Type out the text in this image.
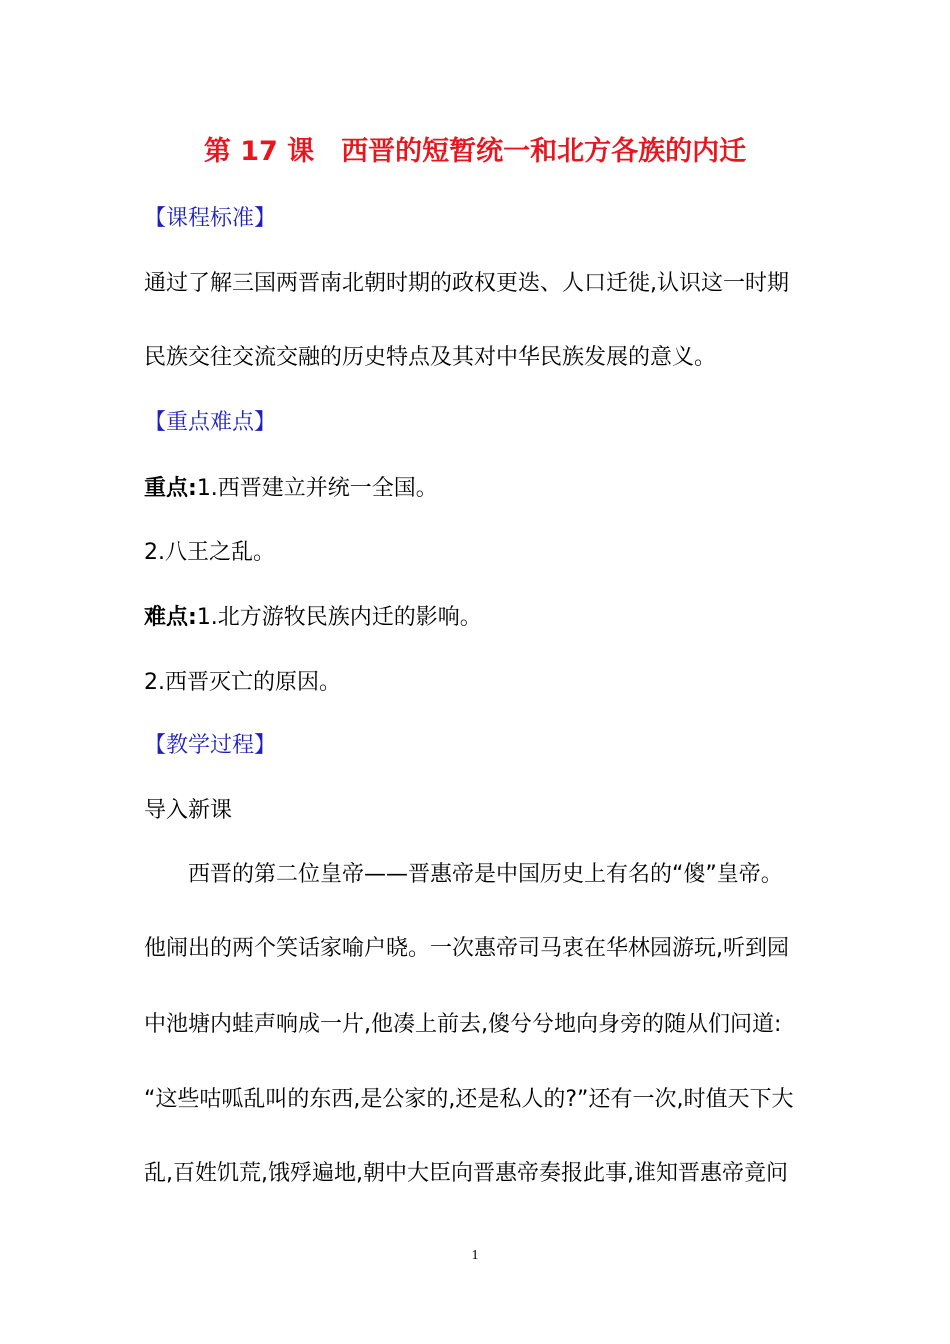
第 17 课　西晋的短暂统一和北方各族的内迁
【课程标准】
通过了解三国两晋南北朝时期的政权更迭、人口迁徙,认识这一时期
民族交往交流交融的历史特点及其对中华民族发展的意义。
【重点难点】
重点:1.西晋建立并统一全国。
2.八王之乱。
难点:1.北方游牧民族内迁的影响。
2.西晋灭亡的原因。
【教学过程】
导入新课
西晋的第二位皇帝——晋惠帝是中国历史上有名的“傻”皇帝。
他闹出的两个笑话家喻户晓。一次惠帝司马衷在华林园游玩,听到园
中池塘内蛙声响成一片,他凑上前去,傻兮兮地向身旁的随从们问道:
“这些咕呱乱叫的东西,是公家的,还是私人的?”还有一次,时值天下大
乱,百姓饥荒,饿殍遍地,朝中大臣向晋惠帝奏报此事,谁知晋惠帝竟问
1
